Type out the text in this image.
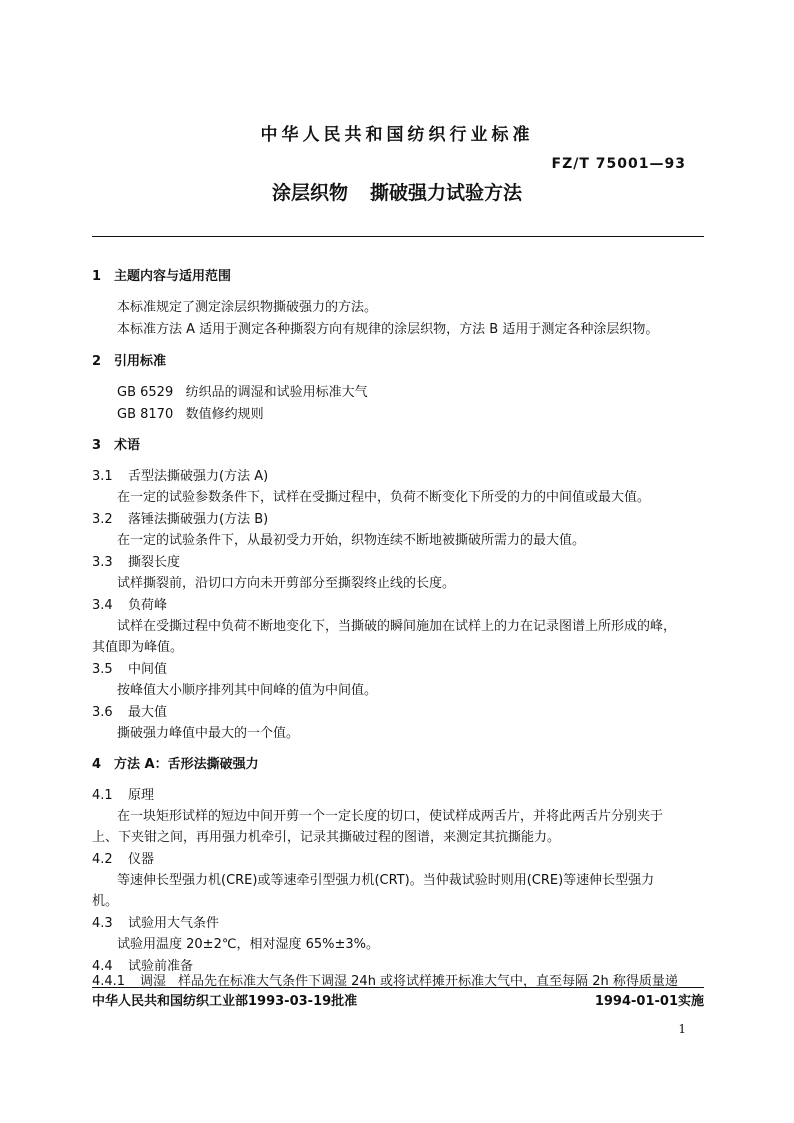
中华人民共和国纺织行业标准
FZ/T 75001—93
涂层织物 撕破强力试验方法
1 主题内容与适用范围
本标准规定了测定涂层织物撕破强力的方法。
本标准方法 A 适用于测定各种撕裂方向有规律的涂层织物，方法 B 适用于测定各种涂层织物。
2 引用标准
GB 6529   纺织品的调湿和试验用标准大气
GB 8170   数值修约规则
3 术语
3.1 舌型法撕破强力(方法 A)
在一定的试验参数条件下，试样在受撕过程中，负荷不断变化下所受的力的中间值或最大值。
3.2 落锤法撕破强力(方法 B)
在一定的试验条件下，从最初受力开始，织物连续不断地被撕破所需力的最大值。
3.3 撕裂长度
试样撕裂前，沿切口方向未开剪部分至撕裂终止线的长度。
3.4 负荷峰
试样在受撕过程中负荷不断地变化下，当撕破的瞬间施加在试样上的力在记录图谱上所形成的峰，
其值即为峰值。
3.5 中间值
按峰值大小顺序排列其中间峰的值为中间值。
3.6 最大值
撕破强力峰值中最大的一个值。
4 方法 A：舌形法撕破强力
4.1 原理
在一块矩形试样的短边中间开剪一个一定长度的切口，使试样成两舌片，并将此两舌片分别夹于
上、下夹钳之间，再用强力机牵引，记录其撕破过程的图谱，来测定其抗撕能力。
4.2 仪器
等速伸长型强力机(CRE)或等速牵引型强力机(CRT)。当仲裁试验时则用(CRE)等速伸长型强力
机。
4.3 试验用大气条件
试验用温度 20±2℃，相对湿度 65%±3%。
4.4 试验前准备
4.4.1 调湿 样品先在标准大气条件下调湿 24h 或将试样摊开标准大气中，直至每隔 2h 称得质量递
中华人民共和国纺织工业部1993-03-19批准	1994-01-01实施
1
